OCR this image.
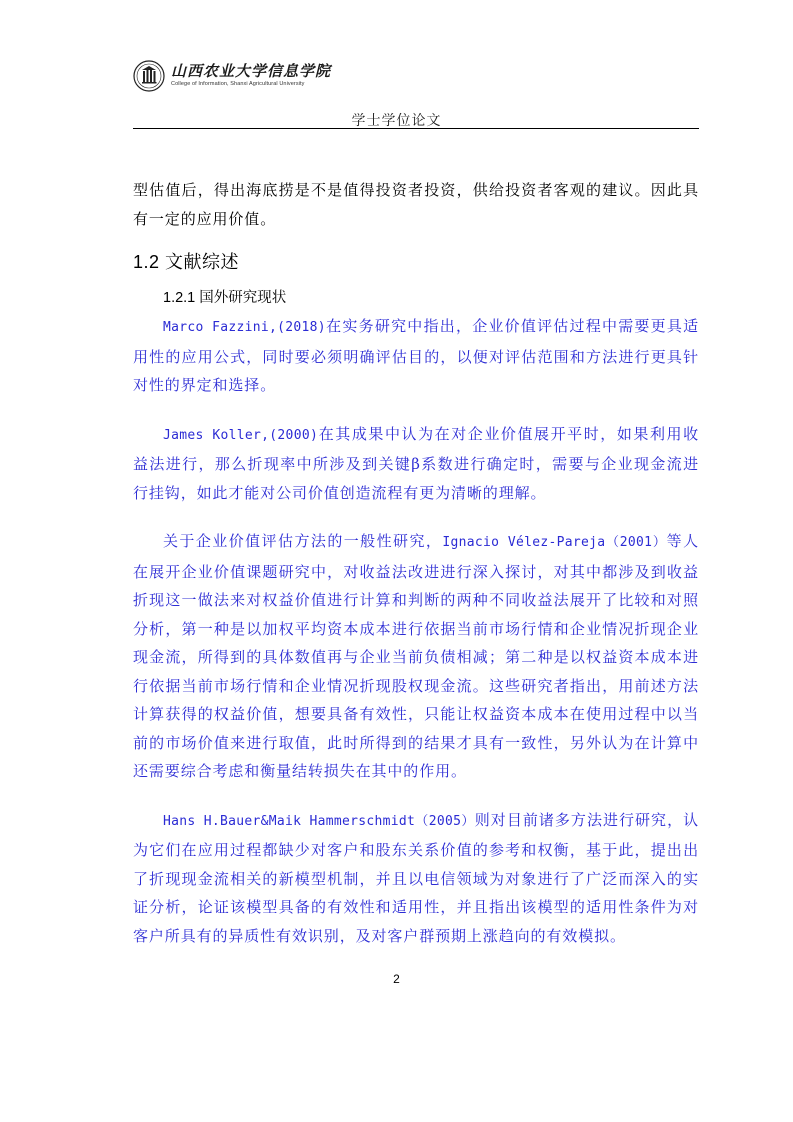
山西农业大学信息学院
College of Information, Shanxi Agricultural University
学士学位论文

型估值后，得出海底捞是不是值得投资者投资，供给投资者客观的建议。因此具有一定的应用价值。

1.2 文献综述
1.2.1 国外研究现状

Marco Fazzini,(2018)在实务研究中指出，企业价值评估过程中需要更具适用性的应用公式，同时要必须明确评估目的，以便对评估范围和方法进行更具针对性的界定和选择。

James Koller,(2000)在其成果中认为在对企业价值展开平时，如果利用收益法进行，那么折现率中所涉及到关键β系数进行确定时，需要与企业现金流进行挂钩，如此才能对公司价值创造流程有更为清晰的理解。

关于企业价值评估方法的一般性研究，Ignacio Vélez-Pareja（2001）等人在展开企业价值课题研究中，对收益法改进进行深入探讨，对其中都涉及到收益折现这一做法来对权益价值进行计算和判断的两种不同收益法展开了比较和对照分析，第一种是以加权平均资本成本进行依据当前市场行情和企业情况折现企业现金流，所得到的具体数值再与企业当前负债相减；第二种是以权益资本成本进行依据当前市场行情和企业情况折现股权现金流。这些研究者指出，用前述方法计算获得的权益价值，想要具备有效性，只能让权益资本成本在使用过程中以当前的市场价值来进行取值，此时所得到的结果才具有一致性，另外认为在计算中还需要综合考虑和衡量结转损失在其中的作用。

Hans H.Bauer&Maik Hammerschmidt（2005）则对目前诸多方法进行研究，认为它们在应用过程都缺少对客户和股东关系价值的参考和权衡，基于此，提出出了折现现金流相关的新模型机制，并且以电信领域为对象进行了广泛而深入的实证分析，论证该模型具备的有效性和适用性，并且指出该模型的适用性条件为对客户所具有的异质性有效识别，及对客户群预期上涨趋向的有效模拟。

2
